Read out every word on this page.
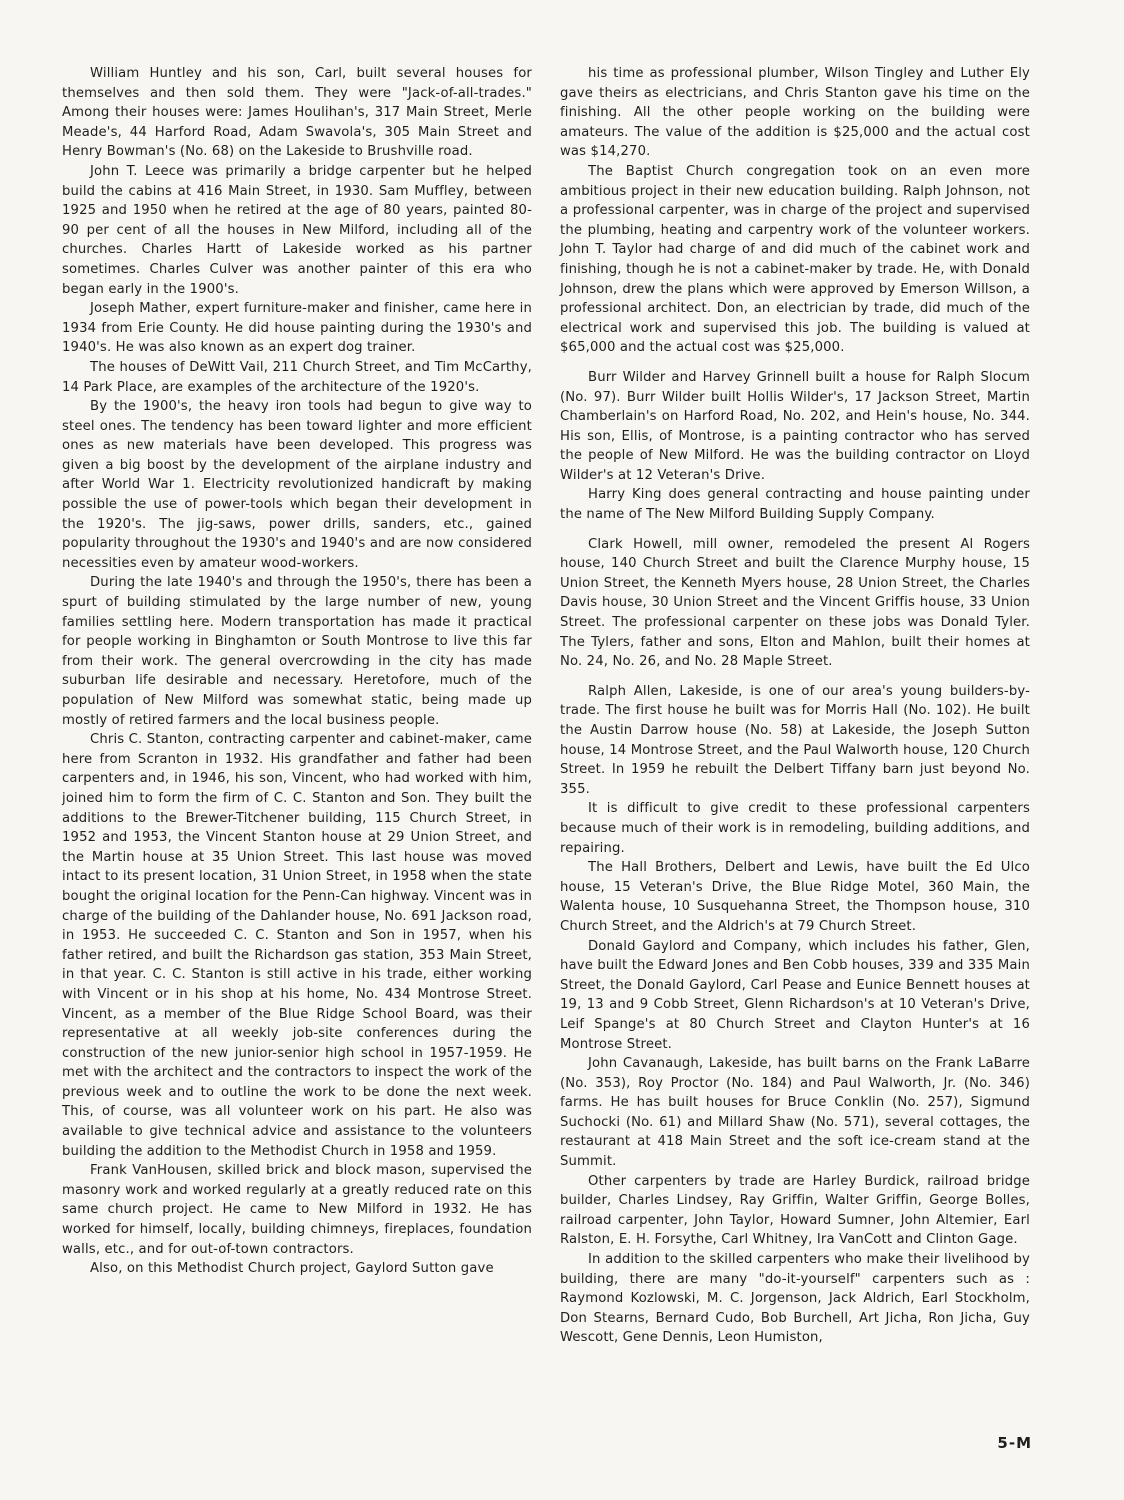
William Huntley and his son, Carl, built several houses for themselves and then sold them. They were "Jack-of-all-trades." Among their houses were: James Houlihan's, 317 Main Street, Merle Meade's, 44 Harford Road, Adam Swavola's, 305 Main Street and Henry Bowman's (No. 68) on the Lakeside to Brushville road.

John T. Leece was primarily a bridge carpenter but he helped build the cabins at 416 Main Street, in 1930. Sam Muffley, between 1925 and 1950 when he retired at the age of 80 years, painted 80-90 per cent of all the houses in New Milford, including all of the churches. Charles Hartt of Lakeside worked as his partner sometimes. Charles Culver was another painter of this era who began early in the 1900's.

Joseph Mather, expert furniture-maker and finisher, came here in 1934 from Erie County. He did house painting during the 1930's and 1940's. He was also known as an expert dog trainer.

The houses of DeWitt Vail, 211 Church Street, and Tim McCarthy, 14 Park Place, are examples of the architecture of the 1920's.

By the 1900's, the heavy iron tools had begun to give way to steel ones. The tendency has been toward lighter and more efficient ones as new materials have been developed. This progress was given a big boost by the development of the airplane industry and after World War 1. Electricity revolutionized handicraft by making possible the use of power-tools which began their development in the 1920's. The jig-saws, power drills, sanders, etc., gained popularity throughout the 1930's and 1940's and are now considered necessities even by amateur wood-workers.

During the late 1940's and through the 1950's, there has been a spurt of building stimulated by the large number of new, young families settling here. Modern transportation has made it practical for people working in Binghamton or South Montrose to live this far from their work. The general overcrowding in the city has made suburban life desirable and necessary. Heretofore, much of the population of New Milford was somewhat static, being made up mostly of retired farmers and the local business people.

Chris C. Stanton, contracting carpenter and cabinet-maker, came here from Scranton in 1932. His grandfather and father had been carpenters and, in 1946, his son, Vincent, who had worked with him, joined him to form the firm of C. C. Stanton and Son. They built the additions to the Brewer-Titchener building, 115 Church Street, in 1952 and 1953, the Vincent Stanton house at 29 Union Street, and the Martin house at 35 Union Street. This last house was moved intact to its present location, 31 Union Street, in 1958 when the state bought the original location for the Penn-Can highway. Vincent was in charge of the building of the Dahlander house, No. 691 Jackson road, in 1953. He succeeded C. C. Stanton and Son in 1957, when his father retired, and built the Richardson gas station, 353 Main Street, in that year. C. C. Stanton is still active in his trade, either working with Vincent or in his shop at his home, No. 434 Montrose Street. Vincent, as a member of the Blue Ridge School Board, was their representative at all weekly job-site conferences during the construction of the new junior-senior high school in 1957-1959. He met with the architect and the contractors to inspect the work of the previous week and to outline the work to be done the next week. This, of course, was all volunteer work on his part. He also was available to give technical advice and assistance to the volunteers building the addition to the Methodist Church in 1958 and 1959.

Frank VanHousen, skilled brick and block mason, supervised the masonry work and worked regularly at a greatly reduced rate on this same church project. He came to New Milford in 1932. He has worked for himself, locally, building chimneys, fireplaces, foundation walls, etc., and for out-of-town contractors.

Also, on this Methodist Church project, Gaylord Sutton gave

his time as professional plumber, Wilson Tingley and Luther Ely gave theirs as electricians, and Chris Stanton gave his time on the finishing. All the other people working on the building were amateurs. The value of the addition is $25,000 and the actual cost was $14,270.

The Baptist Church congregation took on an even more ambitious project in their new education building. Ralph Johnson, not a professional carpenter, was in charge of the project and supervised the plumbing, heating and carpentry work of the volunteer workers. John T. Taylor had charge of and did much of the cabinet work and finishing, though he is not a cabinet-maker by trade. He, with Donald Johnson, drew the plans which were approved by Emerson Willson, a professional architect. Don, an electrician by trade, did much of the electrical work and supervised this job. The building is valued at $65,000 and the actual cost was $25,000.

Burr Wilder and Harvey Grinnell built a house for Ralph Slocum (No. 97). Burr Wilder built Hollis Wilder's, 17 Jackson Street, Martin Chamberlain's on Harford Road, No. 202, and Hein's house, No. 344. His son, Ellis, of Montrose, is a painting contractor who has served the people of New Milford. He was the building contractor on Lloyd Wilder's at 12 Veteran's Drive.

Harry King does general contracting and house painting under the name of The New Milford Building Supply Company.

Clark Howell, mill owner, remodeled the present Al Rogers house, 140 Church Street and built the Clarence Murphy house, 15 Union Street, the Kenneth Myers house, 28 Union Street, the Charles Davis house, 30 Union Street and the Vincent Griffis house, 33 Union Street. The professional carpenter on these jobs was Donald Tyler. The Tylers, father and sons, Elton and Mahlon, built their homes at No. 24, No. 26, and No. 28 Maple Street.

Ralph Allen, Lakeside, is one of our area's young builders-by-trade. The first house he built was for Morris Hall (No. 102). He built the Austin Darrow house (No. 58) at Lakeside, the Joseph Sutton house, 14 Montrose Street, and the Paul Walworth house, 120 Church Street. In 1959 he rebuilt the Delbert Tiffany barn just beyond No. 355.

It is difficult to give credit to these professional carpenters because much of their work is in remodeling, building additions, and repairing.

The Hall Brothers, Delbert and Lewis, have built the Ed Ulco house, 15 Veteran's Drive, the Blue Ridge Motel, 360 Main, the Walenta house, 10 Susquehanna Street, the Thompson house, 310 Church Street, and the Aldrich's at 79 Church Street.

Donald Gaylord and Company, which includes his father, Glen, have built the Edward Jones and Ben Cobb houses, 339 and 335 Main Street, the Donald Gaylord, Carl Pease and Eunice Bennett houses at 19, 13 and 9 Cobb Street, Glenn Richardson's at 10 Veteran's Drive, Leif Spange's at 80 Church Street and Clayton Hunter's at 16 Montrose Street.

John Cavanaugh, Lakeside, has built barns on the Frank LaBarre (No. 353), Roy Proctor (No. 184) and Paul Walworth, Jr. (No. 346) farms. He has built houses for Bruce Conklin (No. 257), Sigmund Suchocki (No. 61) and Millard Shaw (No. 571), several cottages, the restaurant at 418 Main Street and the soft ice-cream stand at the Summit.

Other carpenters by trade are Harley Burdick, railroad bridge builder, Charles Lindsey, Ray Griffin, Walter Griffin, George Bolles, railroad carpenter, John Taylor, Howard Sumner, John Altemier, Earl Ralston, E. H. Forsythe, Carl Whitney, Ira VanCott and Clinton Gage.

In addition to the skilled carpenters who make their livelihood by building, there are many "do-it-yourself" carpenters such as : Raymond Kozlowski, M. C. Jorgenson, Jack Aldrich, Earl Stockholm, Don Stearns, Bernard Cudo, Bob Burchell, Art Jicha, Ron Jicha, Guy Wescott, Gene Dennis, Leon Humiston,

5-M
